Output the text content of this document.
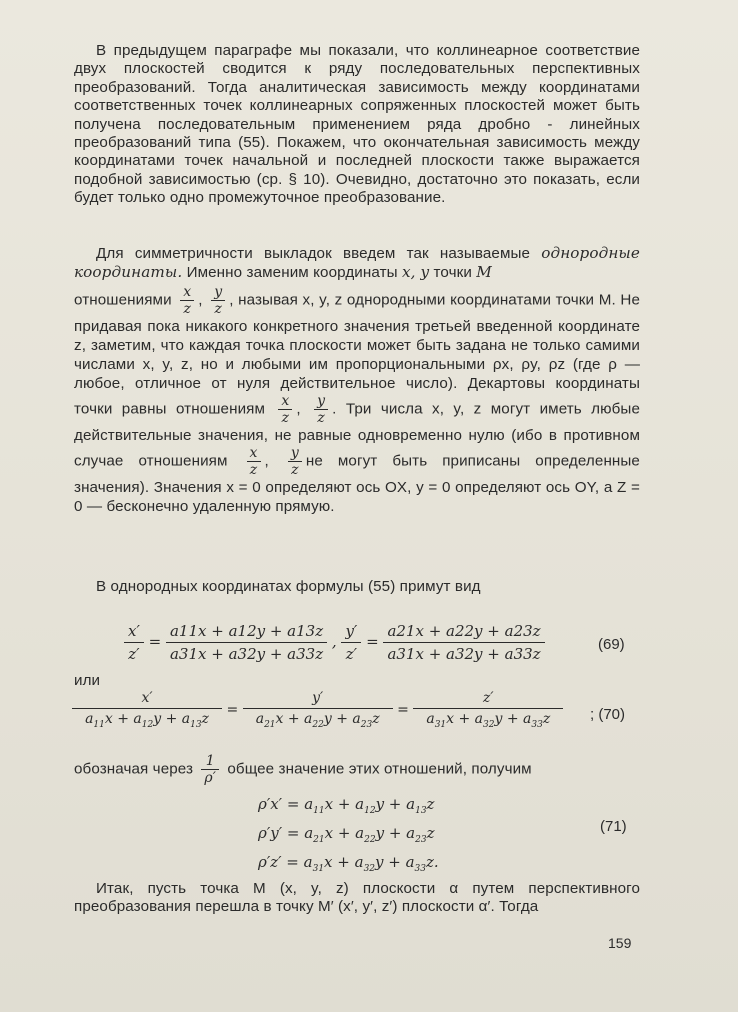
В предыдущем параграфе мы показали, что коллинеарное соответствие двух плоскостей сводится к ряду последовательных перспективных преобразований. Тогда аналитическая зависимость между координатами соответственных точек коллинеарных сопряженных плоскостей может быть получена последовательным применением ряда дробно - линейных преобразований типа (55). Покажем, что окончательная зависимость между координатами точек начальной и последней плоскости также выражается подобной зависимостью (ср. § 10). Очевидно, достаточно это показать, если будет только одно промежуточное преобразование.
Для симметричности выкладок введем так называемые однородные координаты. Именно заменим координаты x, y точки M
отношениями $\frac{x}{z}$ , $\frac{y}{z}$ , называя x, y, z однородными координатами точки M. Не придавая пока никакого конкретного значения третьей введенной координате z, заметим, что каждая точка плоскости может быть задана не только самими числами x, y, z, но и любыми им пропорциональными ρx, ρy, ρz (где ρ — любое, отличное от нуля действительное число). Декартовы координаты точки равны отношениям $\frac{x}{z}$ , $\frac{y}{z}$ . Три числа x, y, z могут иметь любые действительные значения, не равные одновременно нулю (ибо в противном случае отношениям $\frac{x}{z}$ , $\frac{y}{z}$ не могут быть приписаны определенные значения). Значения x = 0 определяют ось OX, y = 0 определяют ось OY, а Z = 0 — бесконечно удаленную прямую.
В однородных координатах формулы (55) примут вид
$\frac{x'}{z'} = \frac{a11x + a12y + a13z}{a31x + a32y + a33z}$ , $\frac{y'}{z'} = \frac{a21x + a22y + a23z}{a31x + a32y + a33z}$	(69)
или
$\frac{x'}{a_{11}x + a_{12}y + a_{13}z} = \frac{y'}{a_{21}x + a_{22}y + a_{23}z} = \frac{z'}{a_{31}x + a_{32}y + a_{33}z}$ ; (70)
обозначая через $\frac{1}{\rho'}$ общее значение этих отношений, получим
$\rho'x' = a_{11}x + a_{12}y + a_{13}z$
$\rho'y' = a_{21}x + a_{22}y + a_{23}z$
$\rho'z' = a_{31}x + a_{32}y + a_{33}z$.
(71)
Итак, пусть точка M (x, y, z) плоскости α путем перспективного преобразования перешла в точку M′ (x′, y′, z′) плоскости α′. Тогда
159
